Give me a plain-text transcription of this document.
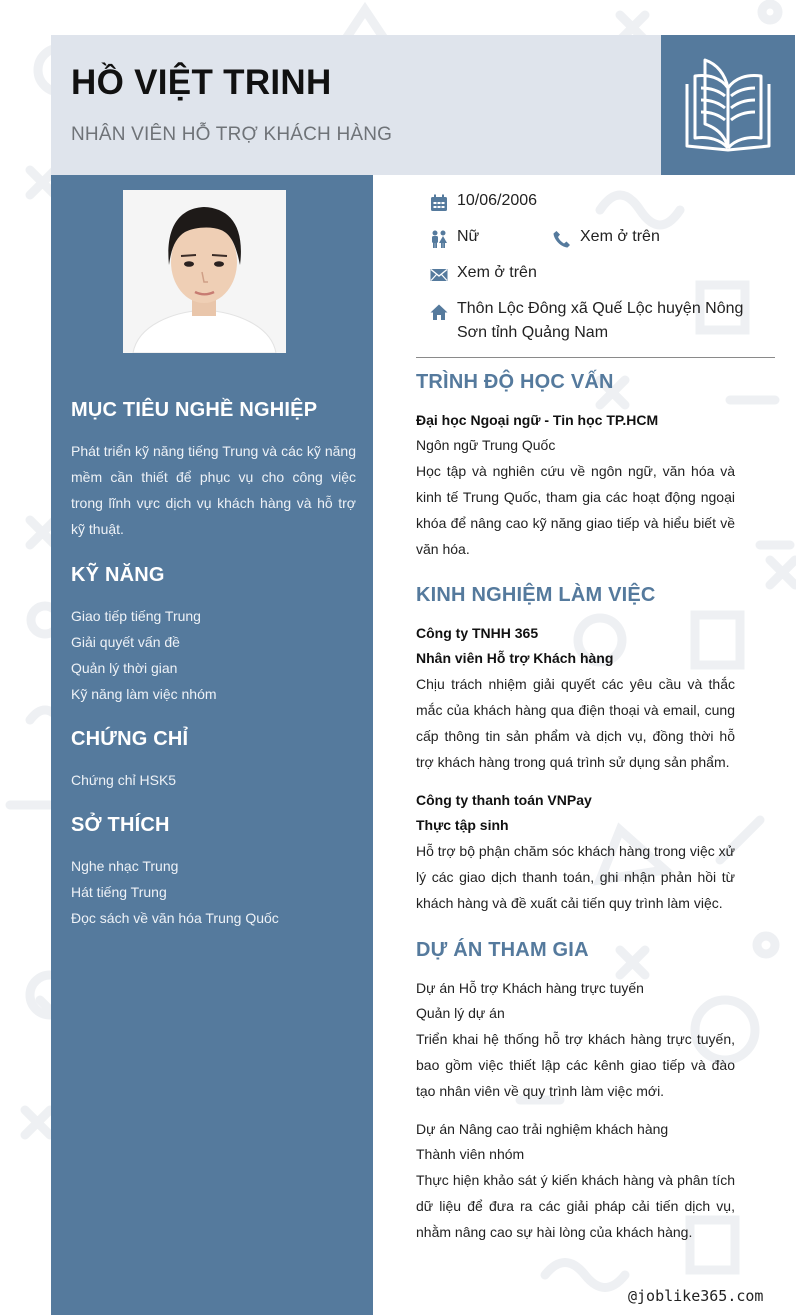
HỒ VIỆT TRINH
NHÂN VIÊN HỖ TRỢ KHÁCH HÀNG
MỤC TIÊU NGHỀ NGHIỆP
Phát triển kỹ năng tiếng Trung và các kỹ năng mềm cần thiết để phục vụ cho công việc trong lĩnh vực dịch vụ khách hàng và hỗ trợ kỹ thuật.
KỸ NĂNG
Giao tiếp tiếng Trung
Giải quyết vấn đề
Quản lý thời gian
Kỹ năng làm việc nhóm
CHỨNG CHỈ
Chứng chỉ HSK5
SỞ THÍCH
Nghe nhạc Trung
Hát tiếng Trung
Đọc sách về văn hóa Trung Quốc
10/06/2006
Nữ	Xem ở trên
Xem ở trên
Thôn Lộc Đông xã Quế Lộc huyện Nông Sơn tỉnh Quảng Nam
TRÌNH ĐỘ HỌC VẤN
Đại học Ngoại ngữ - Tin học TP.HCM
Ngôn ngữ Trung Quốc
Học tập và nghiên cứu về ngôn ngữ, văn hóa và kinh tế Trung Quốc, tham gia các hoạt động ngoại khóa để nâng cao kỹ năng giao tiếp và hiểu biết về văn hóa.
KINH NGHIỆM LÀM VIỆC
Công ty TNHH 365
Nhân viên Hỗ trợ Khách hàng
Chịu trách nhiệm giải quyết các yêu cầu và thắc mắc của khách hàng qua điện thoại và email, cung cấp thông tin sản phẩm và dịch vụ, đồng thời hỗ trợ khách hàng trong quá trình sử dụng sản phẩm.
Công ty thanh toán VNPay
Thực tập sinh
Hỗ trợ bộ phận chăm sóc khách hàng trong việc xử lý các giao dịch thanh toán, ghi nhận phản hồi từ khách hàng và đề xuất cải tiến quy trình làm việc.
DỰ ÁN THAM GIA
Dự án Hỗ trợ Khách hàng trực tuyến
Quản lý dự án
Triển khai hệ thống hỗ trợ khách hàng trực tuyến, bao gồm việc thiết lập các kênh giao tiếp và đào tạo nhân viên về quy trình làm việc mới.
Dự án Nâng cao trải nghiệm khách hàng
Thành viên nhóm
Thực hiện khảo sát ý kiến khách hàng và phân tích dữ liệu để đưa ra các giải pháp cải tiến dịch vụ, nhằm nâng cao sự hài lòng của khách hàng.
@joblike365.com
